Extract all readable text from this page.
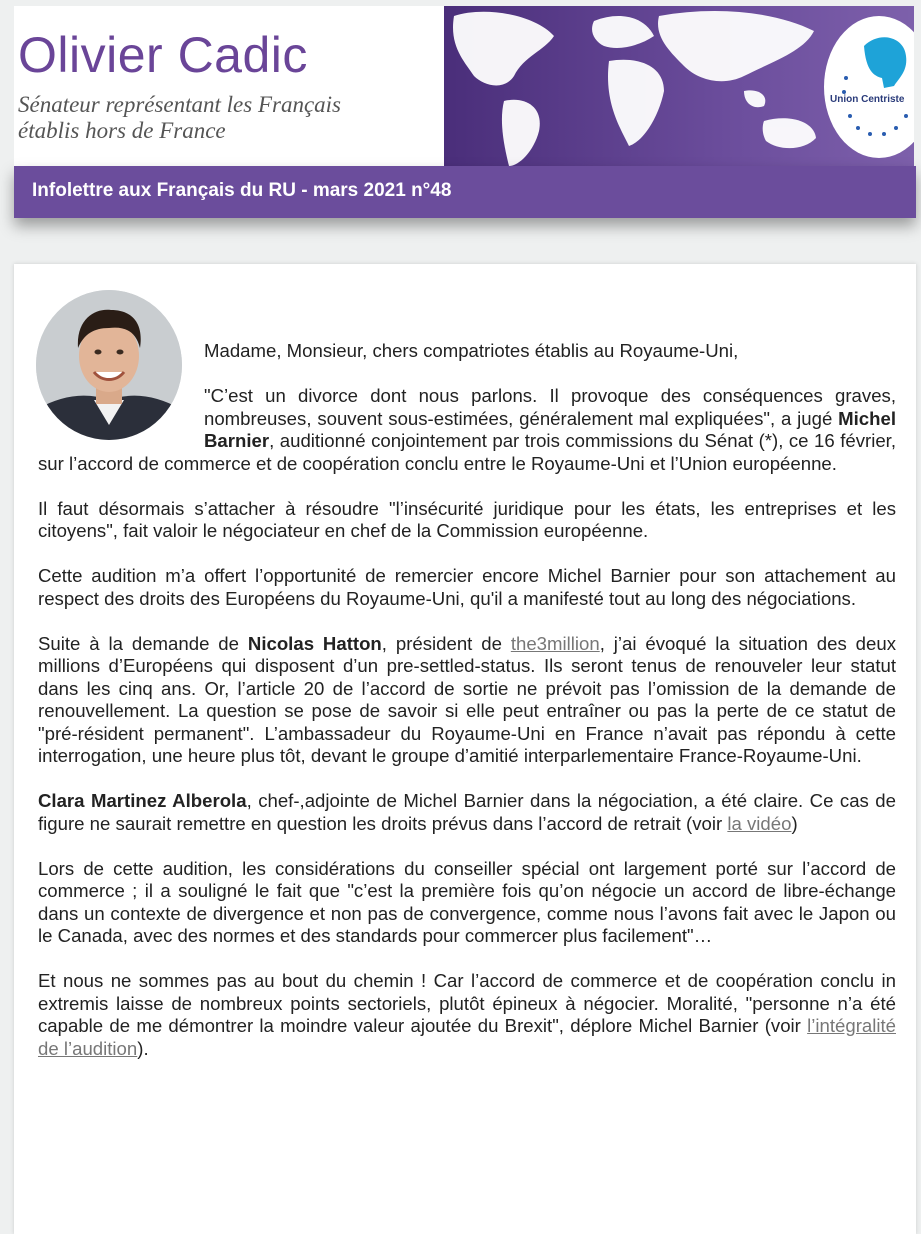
Olivier Cadic
Sénateur représentant les Français
établis hors de France
Union Centriste
Infolettre aux Français du RU - mars 2021 n°48

Madame, Monsieur, chers compatriotes établis au Royaume-Uni,

"C’est un divorce dont nous parlons. Il provoque des conséquences graves, nombreuses, souvent sous-estimées, généralement mal expliquées", a jugé Michel Barnier, auditionné conjointement par trois commissions du Sénat (*), ce 16 février, sur l’accord de commerce et de coopération conclu entre le Royaume-Uni et l’Union européenne.

Il faut désormais s’attacher à résoudre "l’insécurité juridique pour les états, les entreprises et les citoyens", fait valoir le négociateur en chef de la Commission européenne.

Cette audition m’a offert l’opportunité de remercier encore Michel Barnier pour son attachement au respect des droits des Européens du Royaume-Uni, qu'il a manifesté tout au long des négociations.

Suite à la demande de Nicolas Hatton, président de the3million, j’ai évoqué la situation des deux millions d’Européens qui disposent d’un pre-settled-status. Ils seront tenus de renouveler leur statut dans les cinq ans. Or, l’article 20 de l’accord de sortie ne prévoit pas l’omission de la demande de renouvellement. La question se pose de savoir si elle peut entraîner ou pas la perte de ce statut de "pré-résident permanent". L’ambassadeur du Royaume-Uni en France n’avait pas répondu à cette interrogation, une heure plus tôt, devant le groupe d’amitié interparlementaire France-Royaume-Uni.

Clara Martinez Alberola, chef-,adjointe de Michel Barnier dans la négociation, a été claire. Ce cas de figure ne saurait remettre en question les droits prévus dans l’accord de retrait (voir la vidéo)

Lors de cette audition, les considérations du conseiller spécial ont largement porté sur l’accord de commerce ; il a souligné le fait que "c’est la première fois qu’on négocie un accord de libre-échange dans un contexte de divergence et non pas de convergence, comme nous l’avons fait avec le Japon ou le Canada, avec des normes et des standards pour commercer plus facilement"…

Et nous ne sommes pas au bout du chemin ! Car l’accord de commerce et de coopération conclu in extremis laisse de nombreux points sectoriels, plutôt épineux à négocier. Moralité, "personne n’a été capable de me démontrer la moindre valeur ajoutée du Brexit", déplore Michel Barnier (voir l’intégralité de l’audition).
